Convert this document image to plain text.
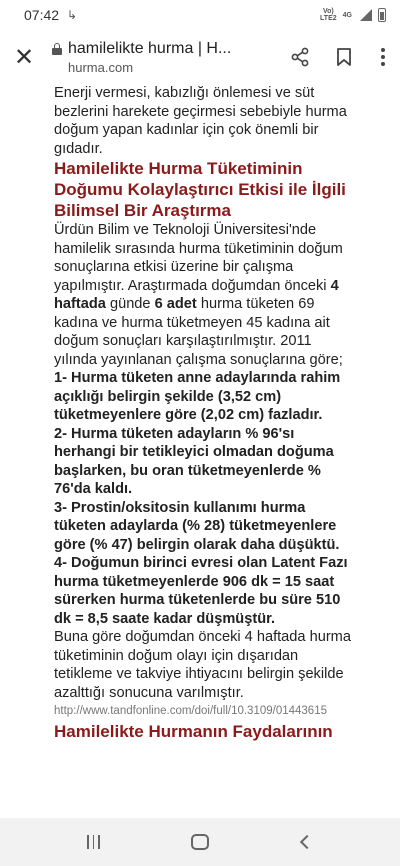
07:42 ↳	Vo)
LTE2 4G
✕	hamilelikte hurma | H...
hurma.com

Enerji vermesi, kabızlığı önlemesi ve süt bezlerini harekete geçirmesi sebebiyle hurma doğum yapan kadınlar için çok önemli bir gıdadır.

Hamilelikte Hurma Tüketiminin Doğumu Kolaylaştırıcı Etkisi ile İlgili Bilimsel Bir Araştırma

Ürdün Bilim ve Teknoloji Üniversitesi'nde hamilelik sırasında hurma tüketiminin doğum sonuçlarına etkisi üzerine bir çalışma yapılmıştır. Araştırmada doğumdan önceki 4 haftada günde 6 adet hurma tüketen 69 kadına ve hurma tüketmeyen 45 kadına ait doğum sonuçları karşılaştırılmıştır. 2011 yılında yayınlanan çalışma sonuçlarına göre;

1- Hurma tüketen anne adaylarında rahim açıklığı belirgin şekilde (3,52 cm) tüketmeyenlere göre (2,02 cm) fazladır.

2- Hurma tüketen adayların % 96'sı herhangi bir tetikleyici olmadan doğuma başlarken, bu oran tüketmeyenlerde % 76'da kaldı.

3- Prostin/oksitosin kullanımı hurma tüketen adaylarda (% 28) tüketmeyenlere göre (% 47) belirgin olarak daha düşüktü.

4- Doğumun birinci evresi olan Latent Fazı hurma tüketmeyenlerde 906 dk = 15 saat sürerken hurma tüketenlerde bu süre 510 dk = 8,5 saate kadar düşmüştür.

Buna göre doğumdan önceki 4 haftada hurma tüketiminin doğum olayı için dışarıdan tetikleme ve takviye ihtiyacını belirgin şekilde azalttığı sonucuna varılmıştır.

http://www.tandfonline.com/doi/full/10.3109/01443615

Hamilelikte Hurmanın Faydalarının
